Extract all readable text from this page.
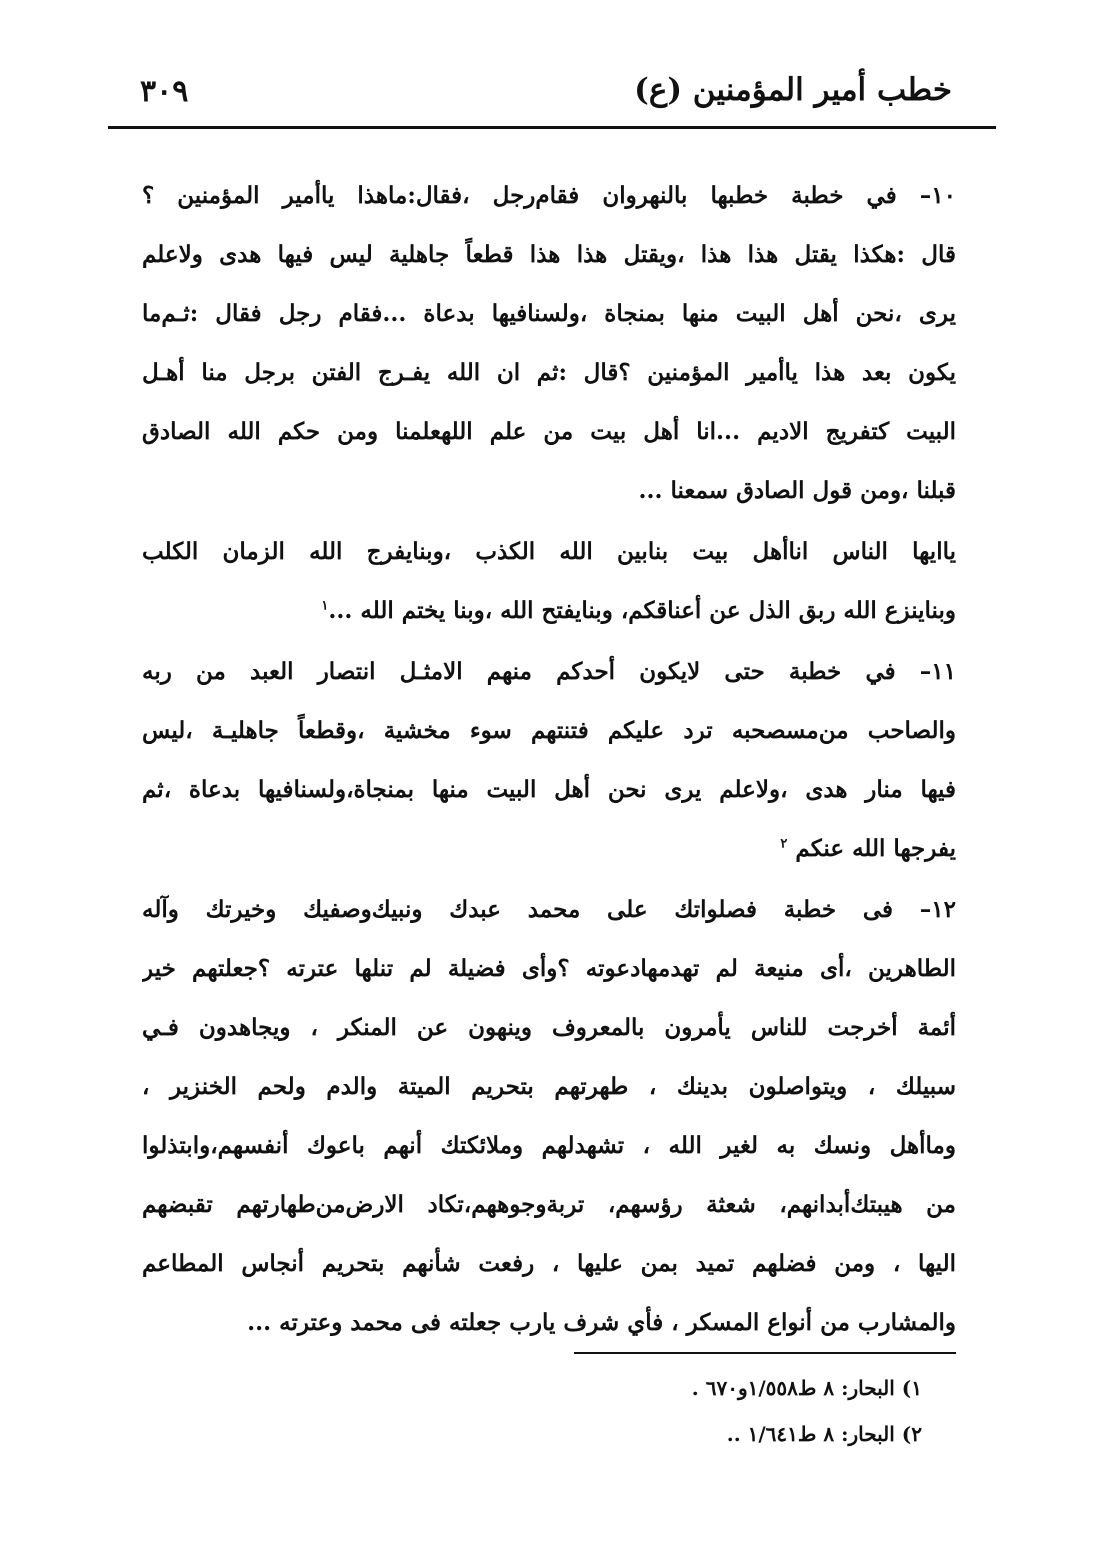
خطب أمير المؤمنين (ع)
٣٠٩
١٠– في خطبة خطبها بالنهروان فقام‌رجل ،فقال:ماهذا ياأمير المؤمنين ؟
قال :هكذا يقتل هذا هذا ،ويقتل هذا هذا قطعاً جاهلية ليس فيها هدى ولاعلم
يرى ،نحن أهل البيت منها بمنجاة ،ولسنافيها بدعاة ...فقام رجل فقال :ثـم‌ما
يكون بعد هذا ياأمير المؤمنين ؟قال :ثم ان الله يفـرج الفتن برجل منا أهـل
البيت كتفريج الاديم ...انا أهل بيت من علم اللهعلمنا ومن حكم الله الصادق
قبلنا ،ومن قول الصادق سمعنا ...
يا‌ايها الناس انا‌أهل بيت بنا‌بين الله الكذب ،وبنا‌يفرج الله الزمان الكلب
وبنا‌ينزع الله ربق الذل عن أعناقكم، وبنا‌يفتح الله ،وبنا يختم الله ...$^١$
١١– في خطبة حتى لايكون أحدكم منهم الامثـل انتصار العبد من ربه
والصاحب من‌مسصحبه ترد عليكم فتنتهم سوء مخشية ،وقطعاً جاهليـة ،ليس
فيها منار هدى ،ولاعلم يرى نحن أهل البيت منها بمنجاة،ولسنافيها بدعاة ،ثم
يفرجها الله عنكم $^٢$
١٢– فى خطبة فصلواتك على محمد عبدك ونبيك‌وصفيك وخيرتك وآله
الطاهرين ،أى منيعة لم تهدمهادعوته ؟وأى فضيلة لم تنلها عترته ؟جعلتهم خير
أئمة أخرجت للناس يأمرون بالمعروف وينهون عن المنكر ، ويجاهدون فـي
سبيلك ، ويتواصلون بدينك ، طهرتهم بتحريم الميتة والدم ولحم الخنزير ،
وماأهل ونسك به لغير الله ، تشهدلهم وملائكتك أنهم باعوك أنفسهم،وابتذلوا
من هيبتك‌أبدانهم، شعثة رؤسهم، تربة‌وجوههم،تكاد الارض‌من‌طهارتهم تقبضهم
اليها ، ومن فضلهم تميد بمن عليها ، رفعت شأنهم بتحريم أنجاس المطاعم
والمشارب من أنواع المسكر ، فأي شرف يارب جعلته فى محمد وعترته ...
١) البحار: ٨ ط١/٥٥٨و٦٧٠ .
٢) البحار: ٨ ط١/٦٤١ ..
